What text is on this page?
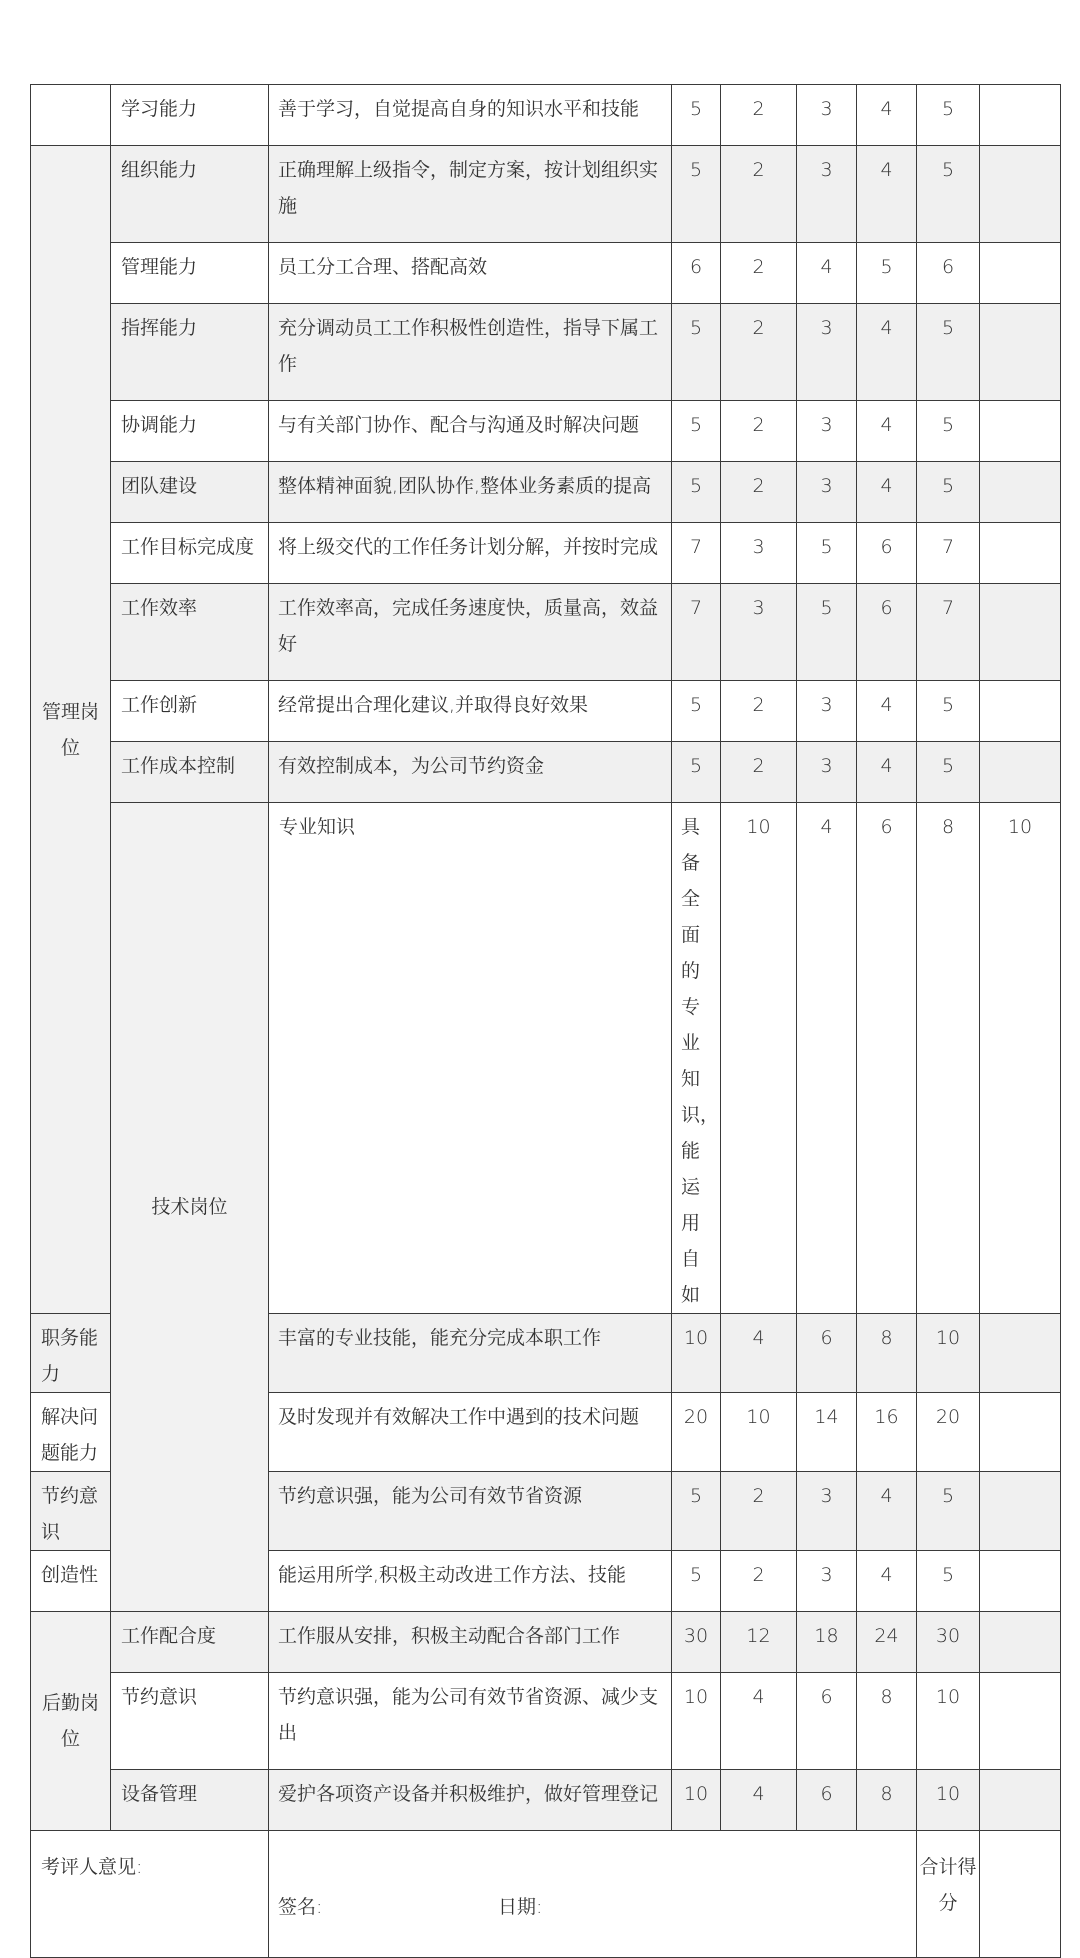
	学习能力	善于学习，自觉提高自身的知识水平和技能	5	2	3	4	5		
管理岗位	组织能力	正确理解上级指令，制定方案，按计划组织实施	5	2	3	4	5		
	管理能力	员工分工合理、搭配高效	6	2	4	5	6		
	指挥能力	充分调动员工工作积极性创造性，指导下属工作	5	2	3	4	5		
	协调能力	与有关部门协作、配合与沟通及时解决问题	5	2	3	4	5		
	团队建设	整体精神面貌,团队协作,整体业务素质的提高	5	2	3	4	5		
	工作目标完成度	将上级交代的工作任务计划分解，并按时完成	7	3	5	6	7		
	工作效率	工作效率高，完成任务速度快，质量高，效益好	7	3	5	6	7		
	工作创新	经常提出合理化建议,并取得良好效果	5	2	3	4	5		
	工作成本控制	有效控制成本，为公司节约资金	5	2	3	4	5		
	技术岗位	专业知识	具备全面的专业知识，能运用自如	10	4	6	8	10	
职务能力		丰富的专业技能，能充分完成本职工作	10	4	6	8	10		
解决问题能力		及时发现并有效解决工作中遇到的技术问题	20	10	14	16	20		
节约意识		节约意识强，能为公司有效节省资源	5	2	3	4	5		
创造性		能运用所学,积极主动改进工作方法、技能	5	2	3	4	5		
后勤岗位	工作配合度	工作服从安排，积极主动配合各部门工作	30	12	18	24	30		
	节约意识	节约意识强，能为公司有效节省资源、减少支出	10	4	6	8	10		
	设备管理	爱护各项资产设备并积极维护，做好管理登记	10	4	6	8	10		
考评人意见:		签名: 日期:					合计得分		
